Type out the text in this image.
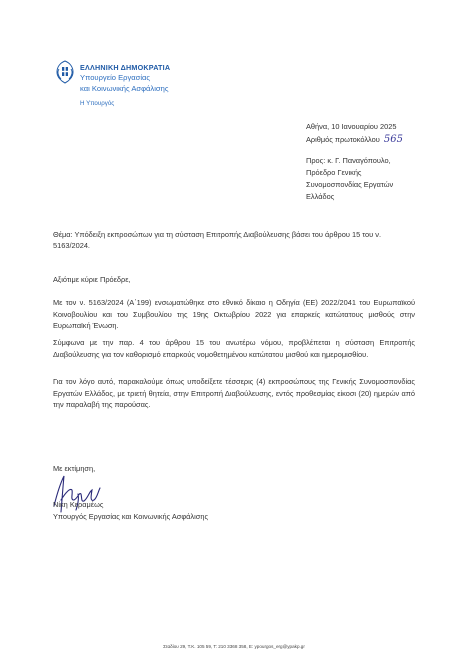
ΕΛΛΗΝΙΚΗ ΔΗΜΟΚΡΑΤΙΑ
Υπουργείο Εργασίας
και Κοινωνικής Ασφάλισης
Η Υπουργός
Αθήνα, 10 Ιανουαρίου 2025
Αριθμός πρωτοκόλλου 565
Προς: κ. Γ. Παναγόπουλο,
Πρόεδρο Γενικής
Συνομοσπονδίας Εργατών
Ελλάδος
Θέμα: Υπόδειξη εκπροσώπων για τη σύσταση Επιτροπής Διαβούλευσης βάσει του άρθρου 15 του ν. 5163/2024.
Αξιότιμε κύριε Πρόεδρε,
Με τον ν. 5163/2024 (Α΄199) ενσωματώθηκε στο εθνικό δίκαιο η Οδηγία (ΕΕ) 2022/2041 του Ευρωπαϊκού Κοινοβουλίου και του Συμβουλίου της 19ης Οκτωβρίου 2022 για επαρκείς κατώτατους μισθούς στην Ευρωπαϊκή Ένωση.
Σύμφωνα με την παρ. 4 του άρθρου 15 του ανωτέρω νόμου, προβλέπεται η σύσταση Επιτροπής Διαβούλευσης για τον καθορισμό επαρκούς νομοθετημένου κατώτατου μισθού και ημερομισθίου.
Για τον λόγο αυτό, παρακαλούμε όπως υποδείξετε τέσσερις (4) εκπροσώπους της Γενικής Συνομοσπονδίας Εργατών Ελλάδος, με τριετή θητεία, στην Επιτροπή Διαβούλευσης, εντός προθεσμίας είκοσι (20) ημερών από την παραλαβή της παρούσας.
Με εκτίμηση,
Νίκη Κεραμέως
Υπουργός Εργασίας και Κοινωνικής Ασφάλισης
Σταδίου 29, Τ.Κ. 105 59, Τ: 210 3368 358, Ε: ypourgos_erg@ypakp.gr
